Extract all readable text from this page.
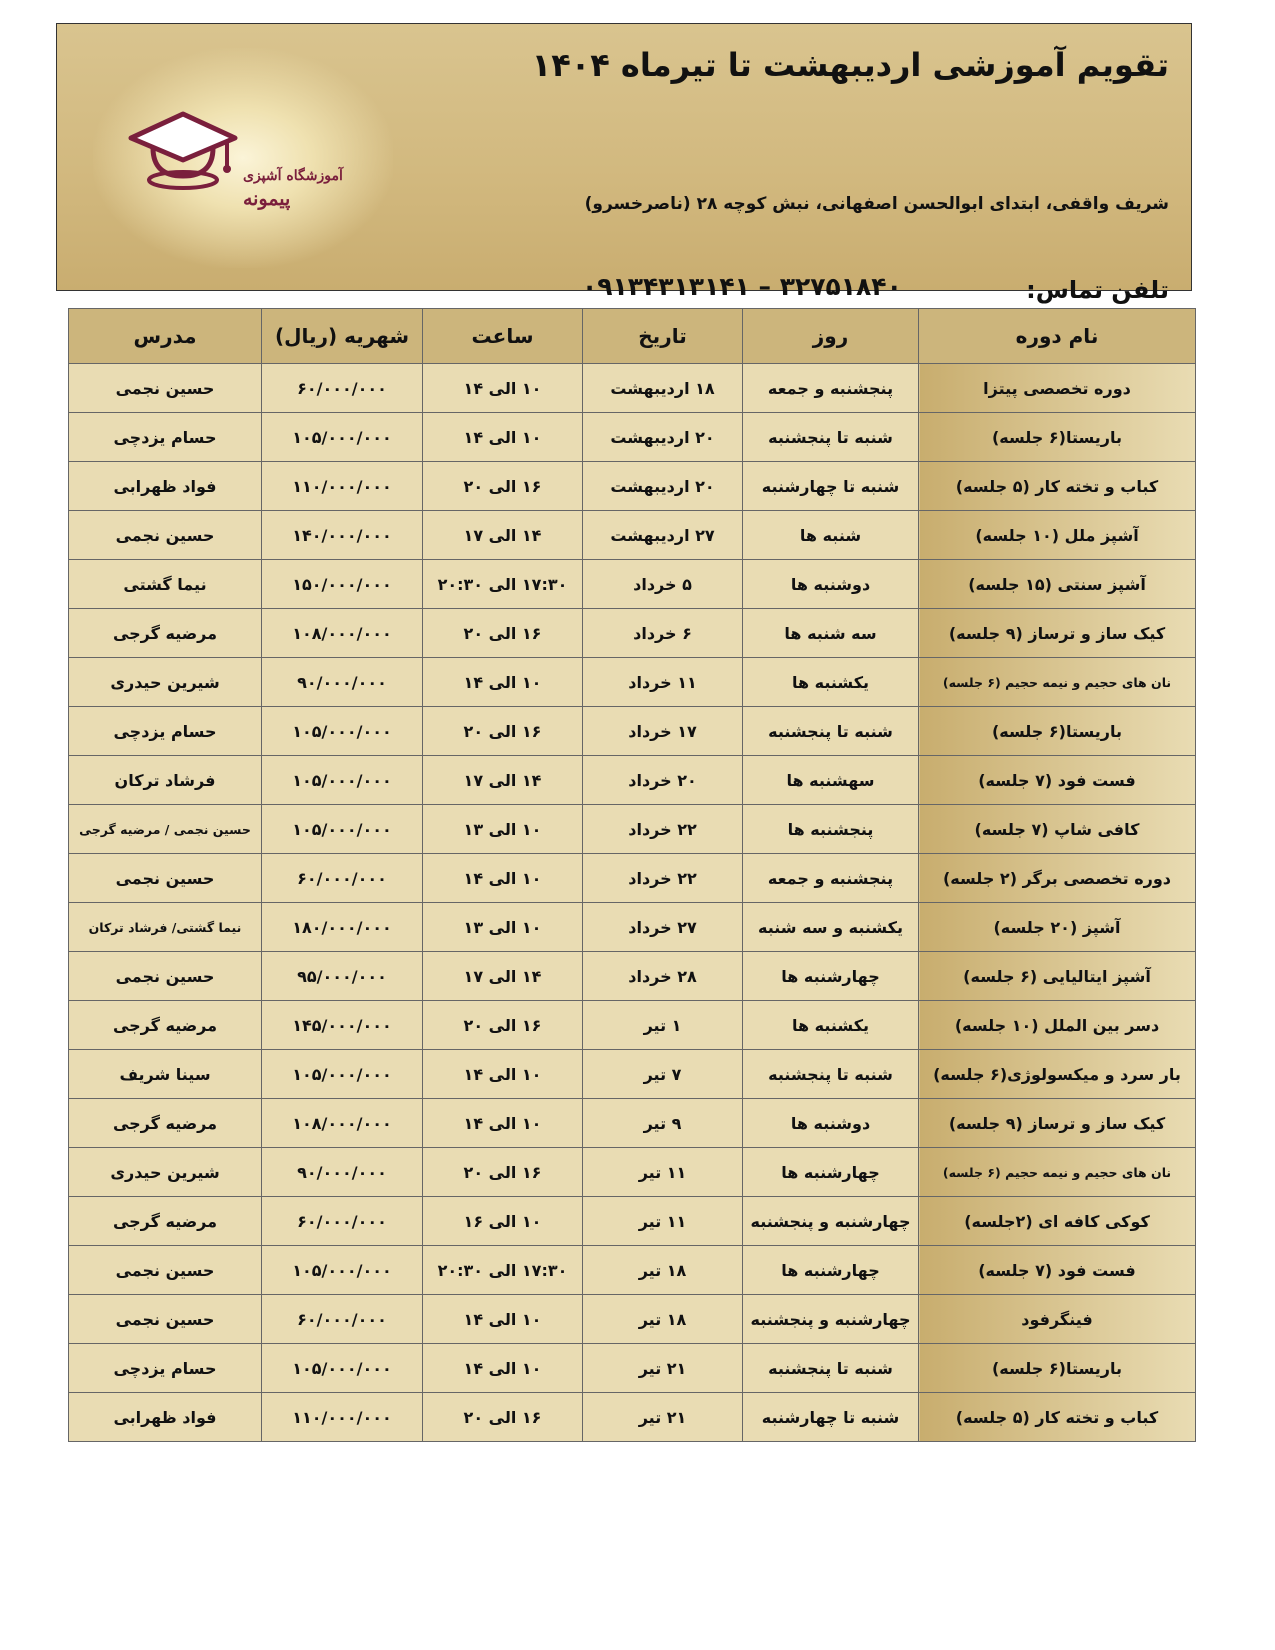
آموزشگاه آشپزی
پیمونه
تقویم آموزشی اردیبهشت تا تیرماه ۱۴۰۴
شریف واقفی، ابتدای ابوالحسن اصفهانی، نبش کوچه ۲۸ (ناصرخسرو)
تلفن تماس:
۰۹۱۳۴۳۱۳۱۴۱ – ۳۲۷۵۱۸۴۰
نام دوره	روز	تاریخ	ساعت	شهریه (ریال)	مدرس
دوره تخصصی پیتزا	پنجشنبه و جمعه	۱۸ اردیبهشت	۱۰ الی ۱۴	۶۰/۰۰۰/۰۰۰	حسین نجمی
باریستا(۶ جلسه)	شنبه تا پنجشنبه	۲۰ اردیبهشت	۱۰ الی ۱۴	۱۰۵/۰۰۰/۰۰۰	حسام یزدچی
کباب و تخته کار (۵ جلسه)	شنبه تا چهارشنبه	۲۰ اردیبهشت	۱۶ الی ۲۰	۱۱۰/۰۰۰/۰۰۰	فواد ظهرابی
آشپز ملل (۱۰ جلسه)	شنبه ها	۲۷ اردیبهشت	۱۴ الی ۱۷	۱۴۰/۰۰۰/۰۰۰	حسین نجمی
آشپز سنتی (۱۵ جلسه)	دوشنبه ها	۵ خرداد	۱۷:۳۰ الی ۲۰:۳۰	۱۵۰/۰۰۰/۰۰۰	نیما گشتی
کیک ساز و ترساز (۹ جلسه)	سه شنبه ها	۶ خرداد	۱۶ الی ۲۰	۱۰۸/۰۰۰/۰۰۰	مرضیه گرجی
نان های حجیم و نیمه حجیم (۶ جلسه)	یکشنبه ها	۱۱ خرداد	۱۰ الی ۱۴	۹۰/۰۰۰/۰۰۰	شیرین حیدری
باریستا(۶ جلسه)	شنبه تا پنجشنبه	۱۷ خرداد	۱۶ الی ۲۰	۱۰۵/۰۰۰/۰۰۰	حسام یزدچی
فست فود (۷ جلسه)	سهشنبه ها	۲۰ خرداد	۱۴ الی ۱۷	۱۰۵/۰۰۰/۰۰۰	فرشاد ترکان
کافی شاپ (۷ جلسه)	پنجشنبه ها	۲۲ خرداد	۱۰ الی ۱۳	۱۰۵/۰۰۰/۰۰۰	حسین نجمی / مرضیه گرجی
دوره تخصصی برگر (۲ جلسه)	پنجشنبه و جمعه	۲۲ خرداد	۱۰ الی ۱۴	۶۰/۰۰۰/۰۰۰	حسین نجمی
آشپز (۲۰ جلسه)	یکشنبه و سه شنبه	۲۷ خرداد	۱۰ الی ۱۳	۱۸۰/۰۰۰/۰۰۰	نیما گشتی/ فرشاد ترکان
آشپز ایتالیایی (۶ جلسه)	چهارشنبه ها	۲۸ خرداد	۱۴ الی ۱۷	۹۵/۰۰۰/۰۰۰	حسین نجمی
دسر بین الملل (۱۰ جلسه)	یکشنبه ها	۱ تیر	۱۶ الی ۲۰	۱۴۵/۰۰۰/۰۰۰	مرضیه گرجی
بار سرد و میکسولوژی(۶ جلسه)	شنبه تا پنجشنبه	۷ تیر	۱۰ الی ۱۴	۱۰۵/۰۰۰/۰۰۰	سینا شریف
کیک ساز و ترساز (۹ جلسه)	دوشنبه ها	۹ تیر	۱۰ الی ۱۴	۱۰۸/۰۰۰/۰۰۰	مرضیه گرجی
نان های حجیم و نیمه حجیم (۶ جلسه)	چهارشنبه ها	۱۱ تیر	۱۶ الی ۲۰	۹۰/۰۰۰/۰۰۰	شیرین حیدری
کوکی کافه ای (۲جلسه)	چهارشنبه و پنجشنبه	۱۱ تیر	۱۰ الی ۱۶	۶۰/۰۰۰/۰۰۰	مرضیه گرجی
فست فود (۷ جلسه)	چهارشنبه ها	۱۸ تیر	۱۷:۳۰ الی ۲۰:۳۰	۱۰۵/۰۰۰/۰۰۰	حسین نجمی
فینگرفود	چهارشنبه و پنجشنبه	۱۸ تیر	۱۰ الی ۱۴	۶۰/۰۰۰/۰۰۰	حسین نجمی
باریستا(۶ جلسه)	شنبه تا پنجشنبه	۲۱ تیر	۱۰ الی ۱۴	۱۰۵/۰۰۰/۰۰۰	حسام یزدچی
کباب و تخته کار (۵ جلسه)	شنبه تا چهارشنبه	۲۱ تیر	۱۶ الی ۲۰	۱۱۰/۰۰۰/۰۰۰	فواد ظهرابی
